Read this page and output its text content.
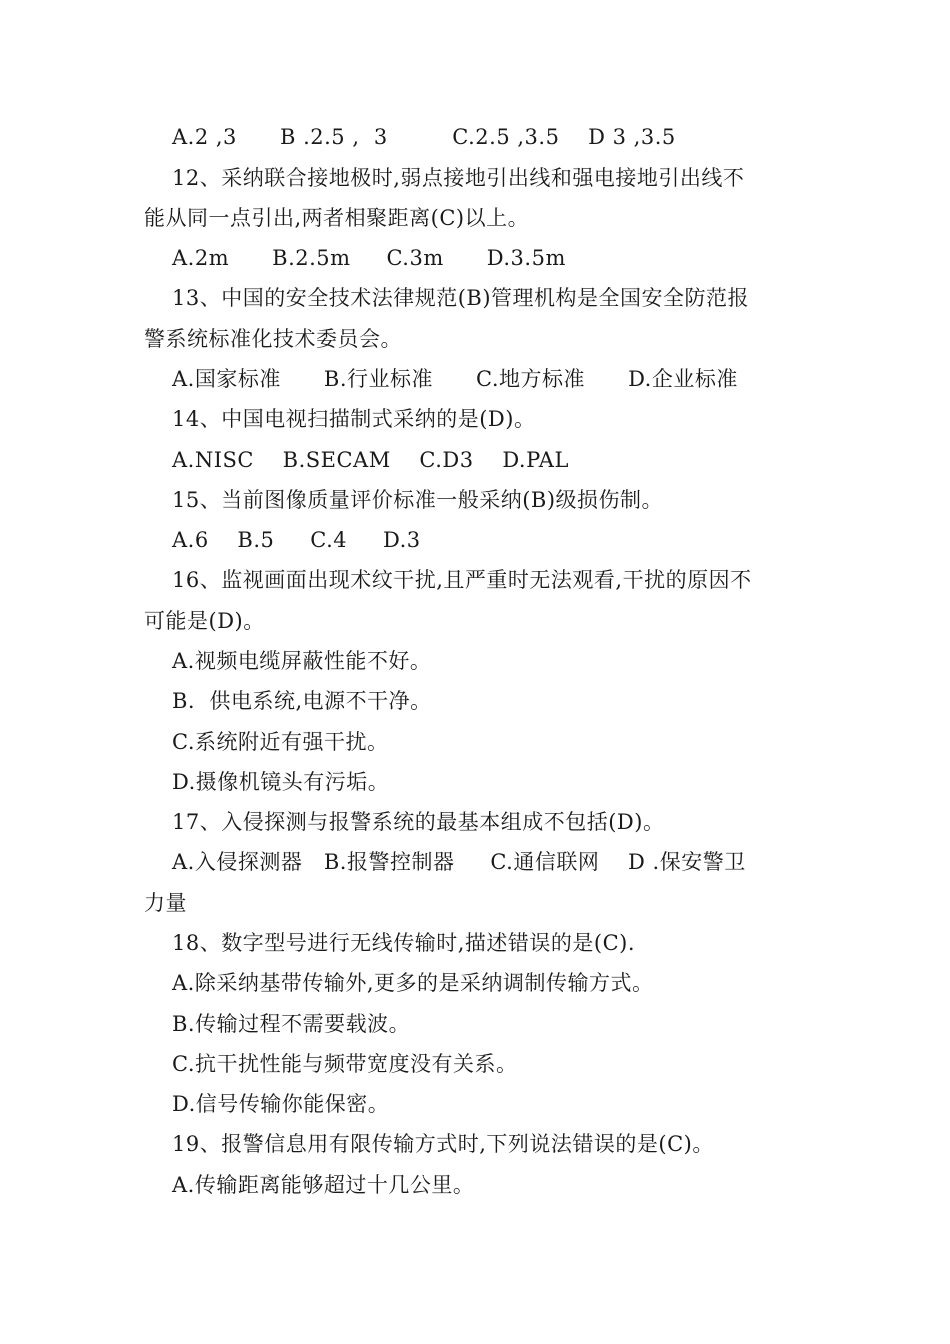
A.2 ,3      B .2.5 ,  3         C.2.5 ,3.5    D 3 ,3.5
12、采纳联合接地极时,弱点接地引出线和强电接地引出线不
能从同一点引出,两者相聚距离(C)以上。
A.2m      B.2.5m     C.3m      D.3.5m
13、中国的安全技术法律规范(B)管理机构是全国安全防范报
警系统标准化技术委员会。
A.国家标准      B.行业标准      C.地方标准      D.企业标准
14、中国电视扫描制式采纳的是(D)。
A.NISC    B.SECAM    C.D3    D.PAL
15、当前图像质量评价标准一般采纳(B)级损伤制。
A.6    B.5     C.4     D.3
16、监视画面出现术纹干扰,且严重时无法观看,干扰的原因不
可能是(D)。
A.视频电缆屏蔽性能不好。
B.  供电系统,电源不干净。
C.系统附近有强干扰。
D.摄像机镜头有污垢。
17、入侵探测与报警系统的最基本组成不包括(D)。
A.入侵探测器   B.报警控制器     C.通信联网    D .保安警卫
力量
18、数字型号进行无线传输时,描述错误的是(C).
A.除采纳基带传输外,更多的是采纳调制传输方式。
B.传输过程不需要载波。
C.抗干扰性能与频带宽度没有关系。
D.信号传输你能保密。
19、报警信息用有限传输方式时,下列说法错误的是(C)。
A.传输距离能够超过十几公里。
